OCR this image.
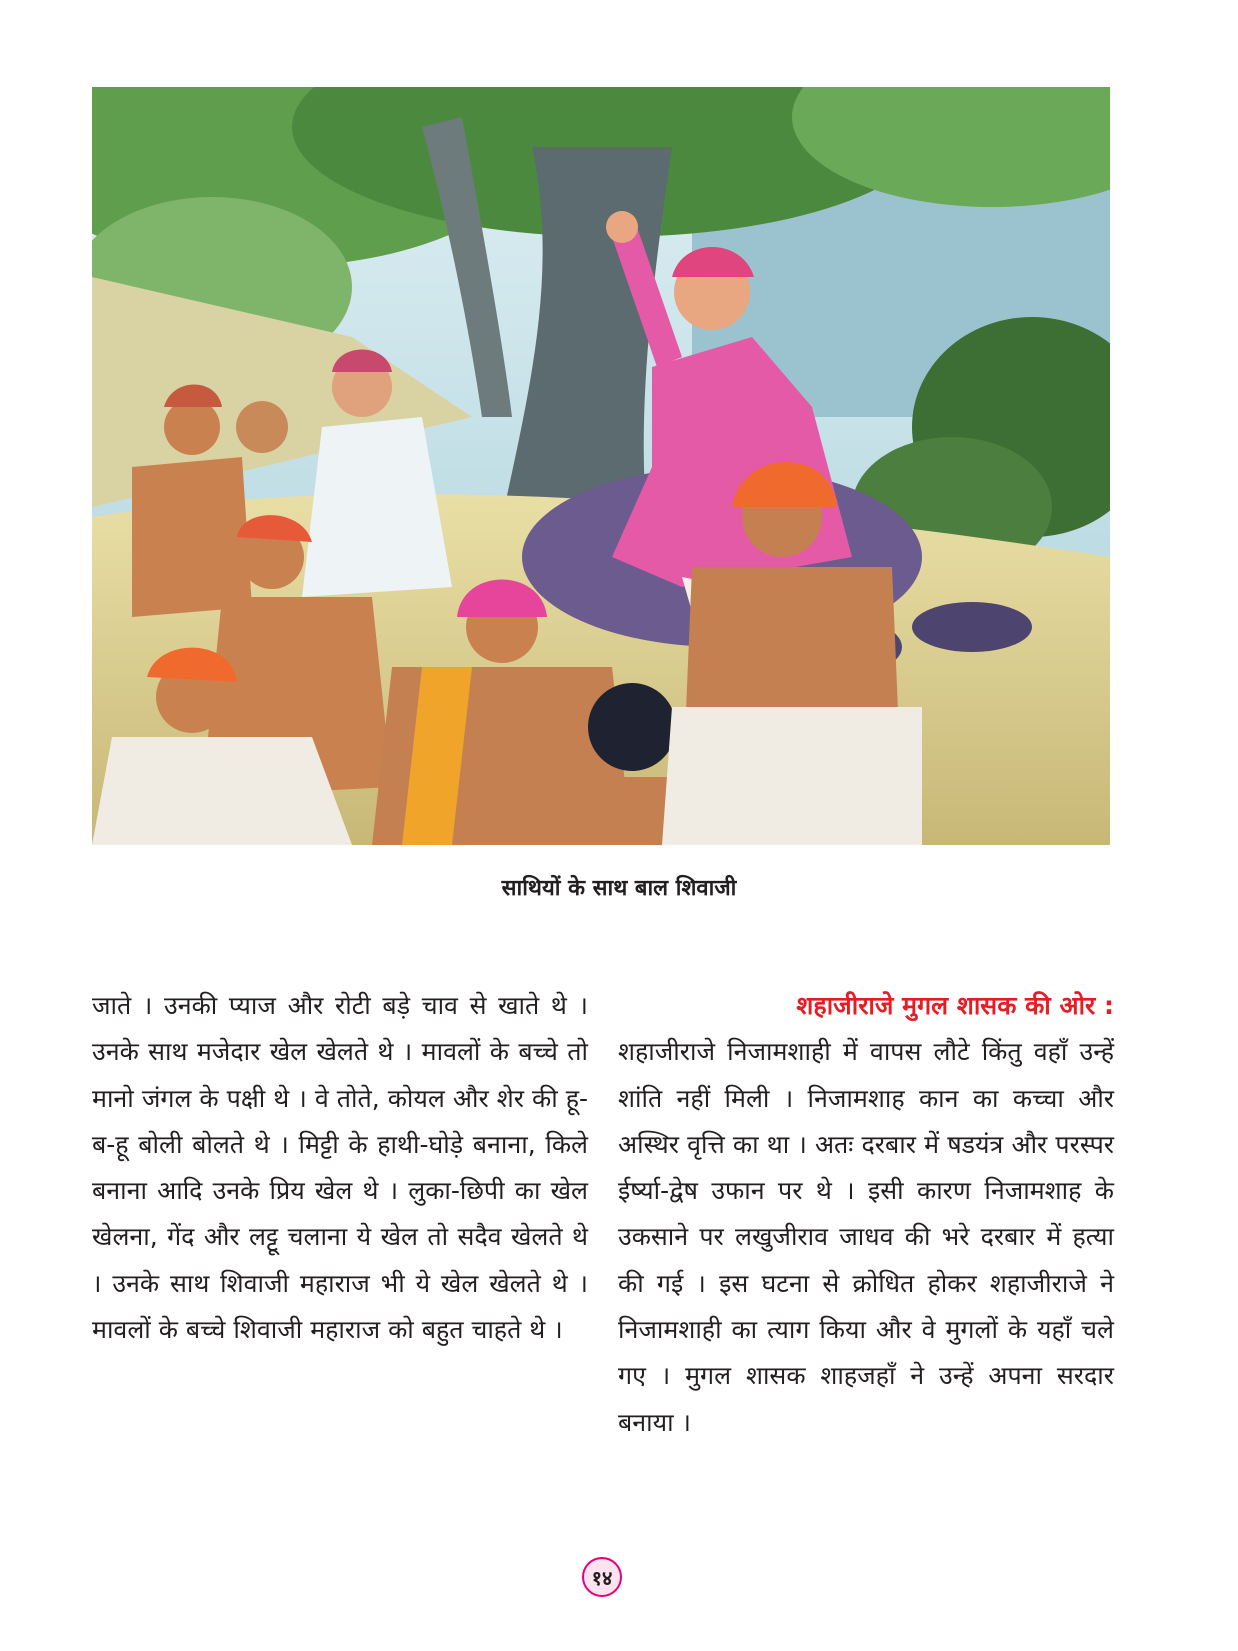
साथियों के साथ बाल शिवाजी
जाते । उनकी प्याज और रोटी बड़े चाव से खाते थे । उनके साथ मजेदार खेल खेलते थे । मावलों के बच्चे तो मानो जंगल के पक्षी थे । वे तोते, कोयल और शेर की हू-ब-हू बोली बोलते थे । मिट्टी के हाथी-घोड़े बनाना, किले बनाना आदि उनके प्रिय खेल थे । लुका-छिपी का खेल खेलना, गेंद और लट्टू चलाना ये खेल तो सदैव खेलते थे । उनके साथ शिवाजी महाराज भी ये खेल खेलते थे । मावलों के बच्चे शिवाजी महाराज को बहुत चाहते थे ।
शहाजीराजे मुगल शासक की ओर :
शहाजीराजे निजामशाही में वापस लौटे किंतु वहाँ उन्हें शांति नहीं मिली । निजामशाह कान का कच्चा और अस्थिर वृत्ति का था । अतः दरबार में षडयंत्र और परस्पर ईर्ष्या-द्वेष उफान पर थे । इसी कारण निजामशाह के उकसाने पर लखुजीराव जाधव की भरे दरबार में हत्या की गई । इस घटना से क्रोधित होकर शहाजीराजे ने निजामशाही का त्याग किया और वे मुगलों के यहाँ चले गए । मुगल शासक शाहजहाँ ने उन्हें अपना सरदार बनाया ।
१४
